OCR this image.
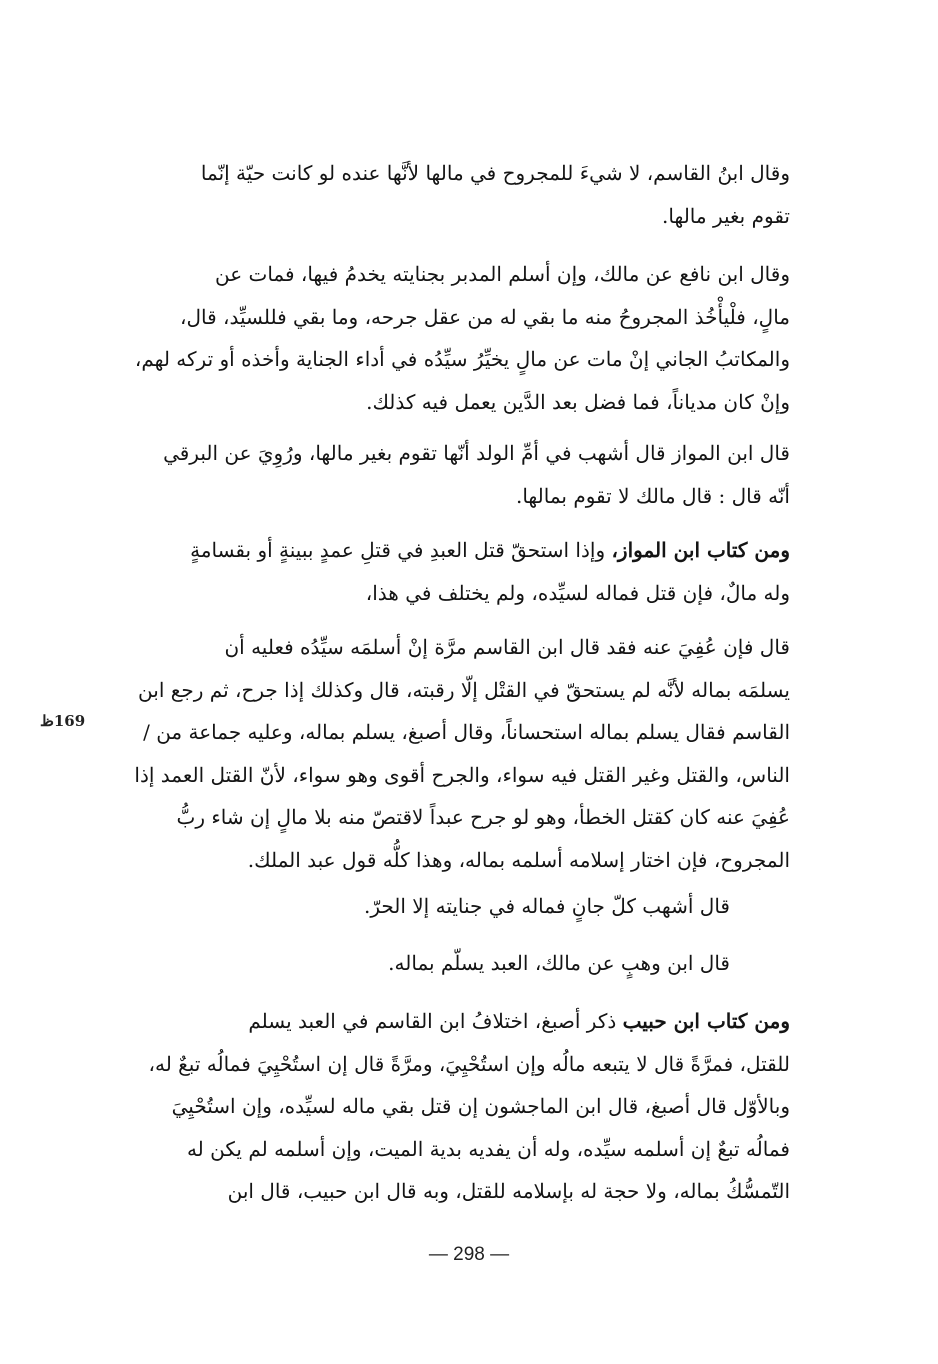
وقال ابنُ القاسم، لا شيءَ للمجروح في مالها لأنَّها عنده لو كانت حيّة إنّما
تقوم بغير مالها.
وقال ابن نافع عن مالك، وإن أسلم المدبر بجنايته يخدمُ فيها، فمات عن
مالٍ، فلْيأْخُذ المجروحُ منه ما بقي له من عقل جرحه، وما بقي فللسيِّد، قال،
والمكاتبُ الجاني إنْ مات عن مالٍ يخيِّرُ سيِّدُه في أداء الجناية وأخذه أو تركه لهم،
وإنْ كان مدياناً، فما فضل بعد الدَّين يعمل فيه كذلك.
قال ابن المواز قال أشهب في أمِّ الولد أنّها تقوم بغير مالها، ورُوِيَ عن البرقي
أنّه قال : قال مالك لا تقوم بمالها.
ومن كتاب ابن المواز، وإذا استحقّ قتل العبدِ في قتلِ عمدٍ ببينةٍ أو بقسامةٍ
وله مالٌ، فإن قتل فماله لسيِّده، ولم يختلف في هذا،
قال فإن عُفِيَ عنه فقد قال ابن القاسم مرَّة إنْ أسلمَه سيِّدُه فعليه أن
يسلمَه بماله لأنَّه لم يستحقّ في القتْل إلّا رقبته، قال وكذلك إذا جرح، ثم رجع ابن
القاسم فقال يسلم بماله استحساناً، وقال أصبغ، يسلم بماله، وعليه جماعة من /
الناس، والقتل وغير القتل فيه سواء، والجرح أقوى وهو سواء، لأنّ القتل العمد إذا
عُفِيَ عنه كان كقتل الخطأ، وهو لو جرح عبداً لاقتصّ منه بلا مالٍ إن شاء ربُّ
المجروح، فإن اختار إسلامه أسلمه بماله، وهذا كلُّه قول عبد الملك.
قال أشهب كلّ جانٍ فماله في جنايته إلا الحرّ.
قال ابن وهبٍ عن مالك، العبد يسلّم بماله.
ومن كتاب ابن حبيب ذكر أصبغ، اختلافُ ابن القاسم في العبد يسلم
للقتل، فمرَّةً قال لا يتبعه مالُه وإن استُحْيِيَ، ومرَّةً قال إن استُحْيِيَ فمالُه تبعٌ له،
وبالأوّل قال أصبغ، قال ابن الماجشون إن قتل بقي ماله لسيِّده، وإن استُحْيِيَ
فمالُه تبعٌ إن أسلمه سيِّده، وله أن يفديه بدية الميت، وإن أسلمه لم يكن له
التّمسُّكُ بماله، ولا حجة له بإسلامه للقتل، وبه قال ابن حبيب، قال ابن
169ظ
— 298 —
